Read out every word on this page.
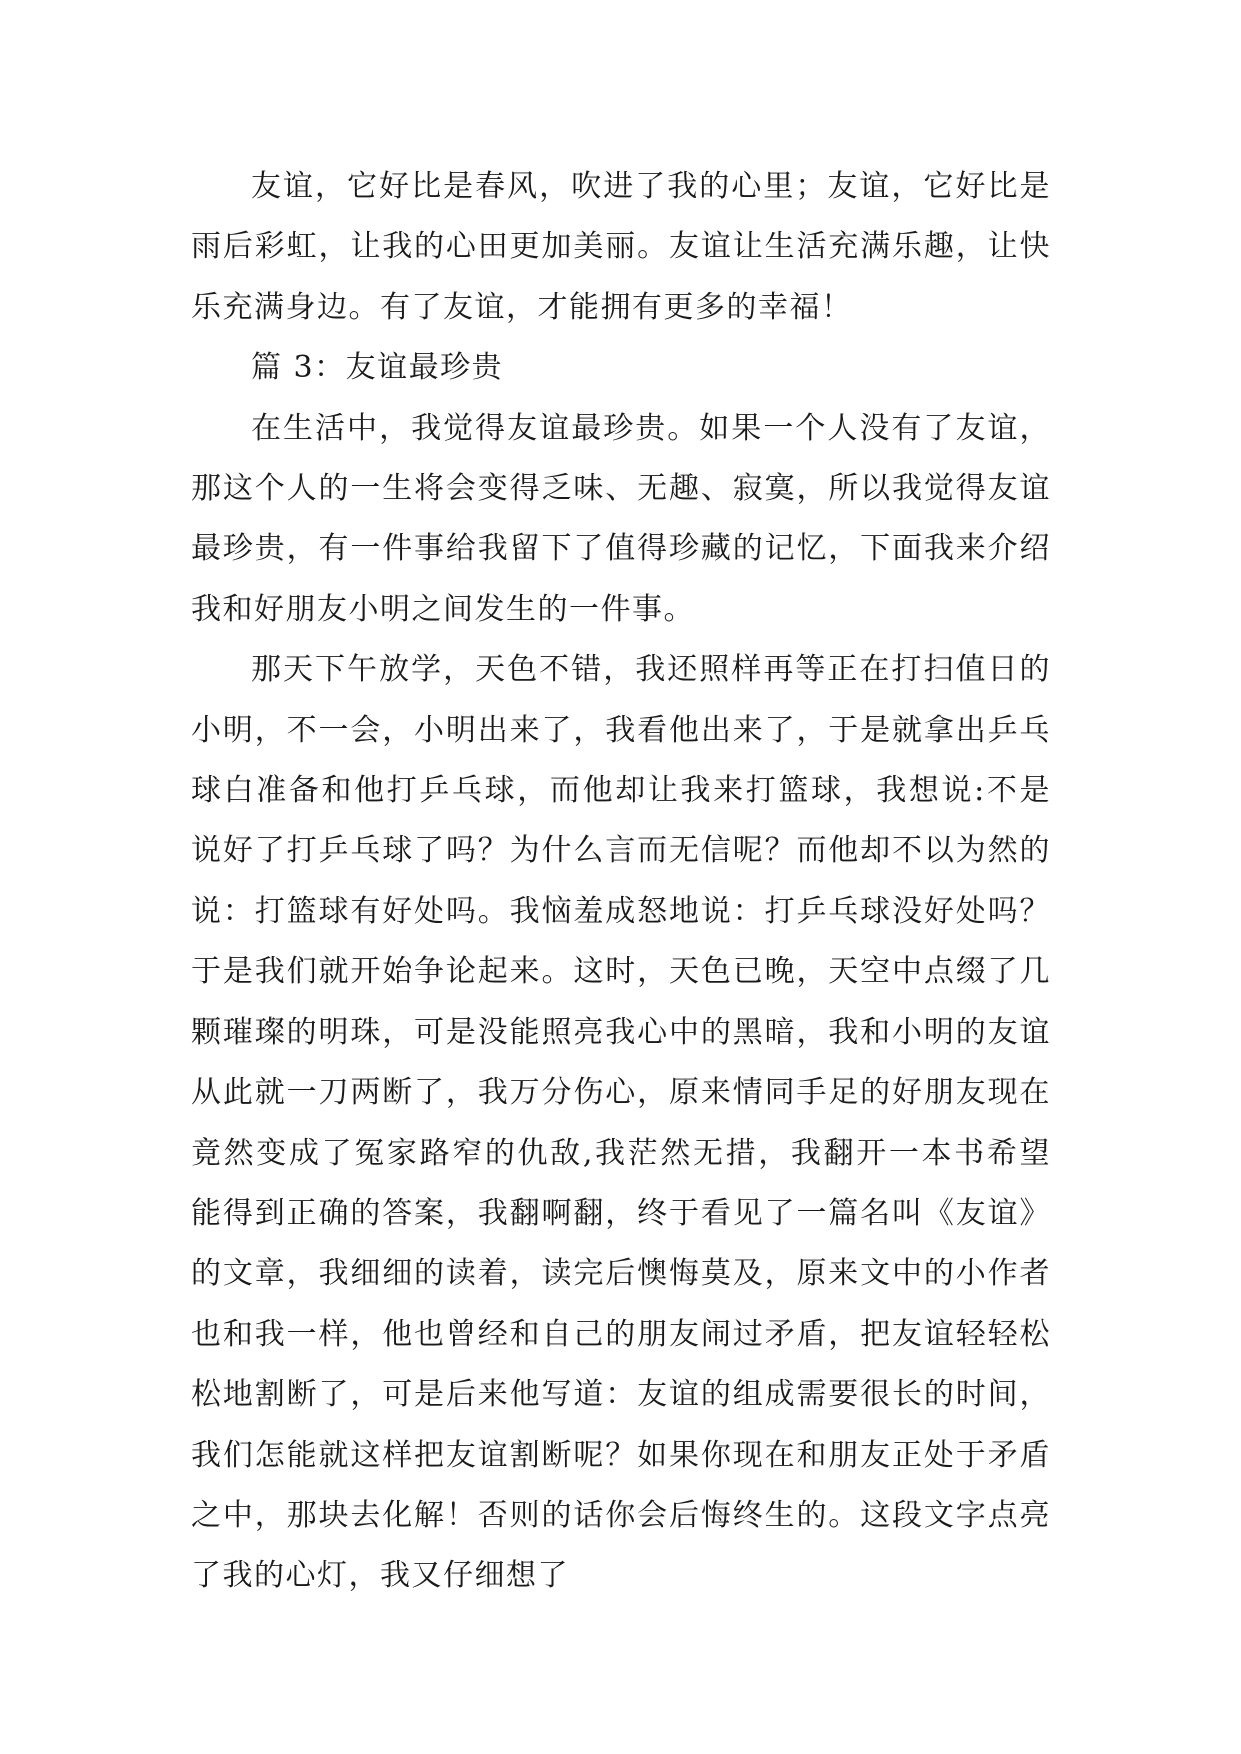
友谊，它好比是春风，吹进了我的心里；友谊，它好比是雨后彩虹，让我的心田更加美丽。友谊让生活充满乐趣，让快乐充满身边。有了友谊，才能拥有更多的幸福！

篇 3：友谊最珍贵

在生活中，我觉得友谊最珍贵。如果一个人没有了友谊，那这个人的一生将会变得乏味、无趣、寂寞，所以我觉得友谊最珍贵，有一件事给我留下了值得珍藏的记忆，下面我来介绍我和好朋友小明之间发生的一件事。

那天下午放学，天色不错，我还照样再等正在打扫值日的小明，不一会，小明出来了，我看他出来了，于是就拿出乒乓球白准备和他打乒乓球，而他却让我来打篮球，我想说:不是说好了打乒乓球了吗？为什么言而无信呢？而他却不以为然的说：打篮球有好处吗。我恼羞成怒地说：打乒乓球没好处吗？于是我们就开始争论起来。这时，天色已晚，天空中点缀了几颗璀璨的明珠，可是没能照亮我心中的黑暗，我和小明的友谊从此就一刀两断了，我万分伤心，原来情同手足的好朋友现在竟然变成了冤家路窄的仇敌,我茫然无措，我翻开一本书希望能得到正确的答案，我翻啊翻，终于看见了一篇名叫《友谊》的文章，我细细的读着，读完后懊悔莫及，原来文中的小作者也和我一样，他也曾经和自己的朋友闹过矛盾，把友谊轻轻松松地割断了，可是后来他写道：友谊的组成需要很长的时间，我们怎能就这样把友谊割断呢？如果你现在和朋友正处于矛盾之中，那块去化解！否则的话你会后悔终生的。这段文字点亮了我的心灯，我又仔细想了
